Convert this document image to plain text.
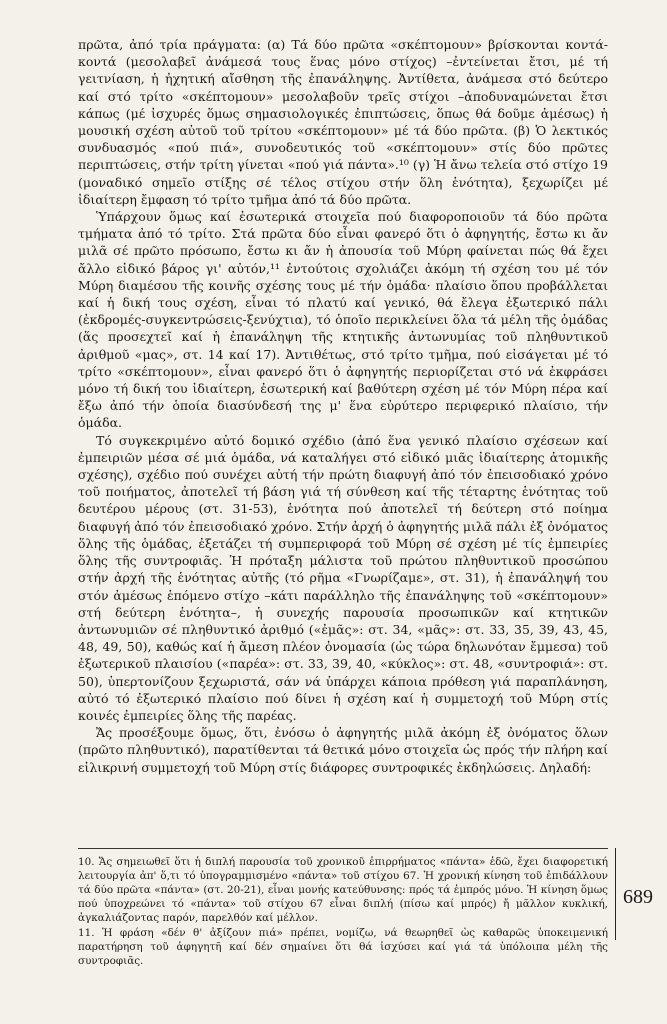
πρῶτα, ἀπό τρία πράγματα: (α) Τά δύο πρῶτα «σκέπτομουν» βρίσκονται κοντά-κοντά (μεσολαβεῖ ἀνάμεσά τους ἕνας μόνο στίχος) –ἐντείνεται ἔτσι, μέ τή γειτνίαση, ἡ ἠχητική αἴσθηση τῆς ἐπανάληψης. Ἀντίθετα, ἀνάμεσα στό δεύτερο καί στό τρίτο «σκέπτομουν» μεσολαβοῦν τρεῖς στίχοι –ἀποδυναμώνεται ἔτσι κάπως (μέ ἰσχυρές ὅμως σημασιολογικές ἐπιπτώσεις, ὅπως θά δοῦμε ἀμέσως) ἡ μουσική σχέση αὐτοῦ τοῦ τρίτου «σκέπτομουν» μέ τά δύο πρῶτα. (β) Ὁ λεκτικός συνδυασμός «πού πιά», συνοδευτικός τοῦ «σκέπτομουν» στίς δύο πρῶτες περιπτώσεις, στήν τρίτη γίνεται «πού γιά πάντα».¹⁰ (γ) Ἡ ἄνω τελεία στό στίχο 19 (μοναδικό σημεῖο στίξης σέ τέλος στίχου στήν ὅλη ἑνότητα), ξεχωρίζει μέ ἰδιαίτερη ἔμφαση τό τρίτο τμῆμα ἀπό τά δύο πρῶτα.

Ὑπάρχουν ὅμως καί ἐσωτερικά στοιχεῖα πού διαφοροποιοῦν τά δύο πρῶτα τμήματα ἀπό τό τρίτο. Στά πρῶτα δύο εἶναι φανερό ὅτι ὁ ἀφηγητής, ἔστω κι ἄν μιλᾶ σέ πρῶτο πρόσωπο, ἔστω κι ἄν ἡ ἀπουσία τοῦ Μύρη φαίνεται πώς θά ἔχει ἄλλο εἰδικό βάρος γι' αὐτόν,¹¹ ἐντούτοις σχολιάζει ἀκόμη τή σχέση του μέ τόν Μύρη διαμέσου τῆς κοινῆς σχέσης τους μέ τήν ὁμάδα· πλαίσιο ὅπου προβάλλεται καί ἡ δική τους σχέση, εἶναι τό πλατύ καί γενικό, θά ἔλεγα ἐξωτερικό πάλι (ἐκδρομές-συγκεντρώσεις-ξενύχτια), τό ὁποῖο περικλείνει ὅλα τά μέλη τῆς ὁμάδας (ἅς προσεχτεῖ καί ἡ ἐπανάληψη τῆς κτητικῆς ἀντωνυμίας τοῦ πληθυντικοῦ ἀριθμοῦ «μας», στ. 14 καί 17). Ἀντιθέτως, στό τρίτο τμῆμα, πού εἰσάγεται μέ τό τρίτο «σκέπτομουν», εἶναι φανερό ὅτι ὁ ἀφηγητής περιορίζεται στό νά ἐκφράσει μόνο τή δική του ἰδιαίτερη, ἐσωτερική καί βαθύτερη σχέση μέ τόν Μύρη πέρα καί ἔξω ἀπό τήν ὁποία διασύνδεσή της μ' ἕνα εὐρύτερο περιφερικό πλαίσιο, τήν ὁμάδα.

Τό συγκεκριμένο αὐτό δομικό σχέδιο (ἀπό ἕνα γενικό πλαίσιο σχέσεων καί ἐμπειριῶν μέσα σέ μιά ὁμάδα, νά καταλήγει στό εἰδικό μιᾶς ἰδιαίτερης ἀτομικῆς σχέσης), σχέδιο πού συνέχει αὐτή τήν πρώτη διαφυγή ἀπό τόν ἐπεισοδιακό χρόνο τοῦ ποιήματος, ἀποτελεῖ τή βάση γιά τή σύνθεση καί τῆς τέταρτης ἑνότητας τοῦ δευτέρου μέρους (στ. 31-53), ἑνότητα πού ἀποτελεῖ τή δεύτερη στό ποίημα διαφυγή ἀπό τόν ἐπεισοδιακό χρόνο. Στήν ἀρχή ὁ ἀφηγητής μιλᾶ πάλι ἐξ ὀνόματος ὅλης τῆς ὁμάδας, ἐξετάζει τή συμπεριφορά τοῦ Μύρη σέ σχέση μέ τίς ἐμπειρίες ὅλης τῆς συντροφιᾶς. Ἡ πρόταξη μάλιστα τοῦ πρώτου πληθυντικοῦ προσώπου στήν ἀρχή τῆς ἑνότητας αὐτῆς (τό ρῆμα «Γνωρίζαμε», στ. 31), ἡ ἐπανάληψή του στόν ἀμέσως ἑπόμενο στίχο –κάτι παράλληλο τῆς ἐπανάληψης τοῦ «σκέπτομουν» στή δεύτερη ἑνότητα–, ἡ συνεχής παρουσία προσωπικῶν καί κτητικῶν ἀντωνυμιῶν σέ πληθυντικό ἀριθμό («ἐμᾶς»: στ. 34, «μᾶς»: στ. 33, 35, 39, 43, 45, 48, 49, 50), καθώς καί ἡ ἄμεση πλέον ὀνομασία (ὡς τώρα δηλωνόταν ἔμμεσα) τοῦ ἐξωτερικοῦ πλαισίου («παρέα»: στ. 33, 39, 40, «κύκλος»: στ. 48, «συντροφιά»: στ. 50), ὑπερτονίζουν ξεχωριστά, σάν νά ὑπάρχει κάποια πρόθεση γιά παραπλάνηση, αὐτό τό ἐξωτερικό πλαίσιο πού δίνει ἡ σχέση καί ἡ συμμετοχή τοῦ Μύρη στίς κοινές ἐμπειρίες ὅλης τῆς παρέας.

Ἄς προσέξουμε ὅμως, ὅτι, ἐνόσω ὁ ἀφηγητής μιλᾶ ἀκόμη ἐξ ὀνόματος ὅλων (πρῶτο πληθυντικό), παρατίθενται τά θετικά μόνο στοιχεῖα ὡς πρός τήν πλήρη καί εἰλικρινή συμμετοχή τοῦ Μύρη στίς διάφορες συντροφικές ἐκδηλώσεις. Δηλαδή:

10. Ἄς σημειωθεῖ ὅτι ἡ διπλή παρουσία τοῦ χρονικοῦ ἐπιρρήματος «πάντα» ἐδῶ, ἔχει διαφορετική λειτουργία ἀπ' ὅ,τι τό ὑπογραμμισμένο «πάντα» τοῦ στίχου 67. Ἡ χρονική κίνηση τοῦ ἐπιδάλλουν τά δύο πρῶτα «πάντα» (στ. 20-21), εἶναι μονής κατεύθυνσης: πρός τά ἐμπρός μόνο. Ἡ κίνηση ὅμως πού ὑποχρεώνει τό «πάντα» τοῦ στίχου 67 εἶναι διπλή (πίσω καί μπρός) ἤ μᾶλλον κυκλική, ἀγκαλιάζοντας παρόν, παρελθόν καί μέλλον.

11. Ἡ φράση «δέν θ' ἀξίζουν πιά» πρέπει, νομίζω, νά θεωρηθεῖ ὡς καθαρῶς ὑποκειμενική παρατήρηση τοῦ ἀφηγητῆ καί δέν σημαίνει ὅτι θά ἰσχύσει καί γιά τά ὑπόλοιπα μέλη τῆς συντροφιᾶς.

689
